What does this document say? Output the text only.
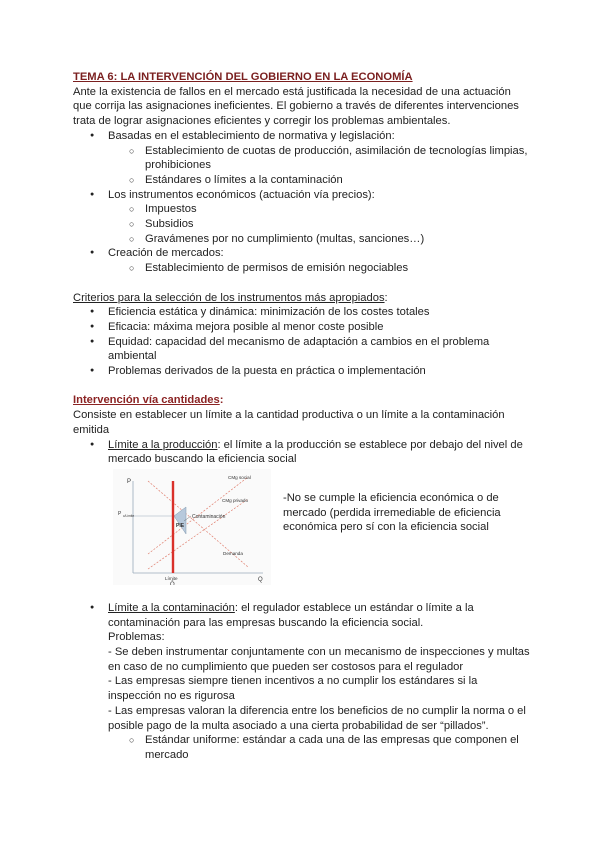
TEMA 6: LA INTERVENCIÓN DEL GOBIERNO EN LA ECONOMÍA
Ante la existencia de fallos en el mercado está justificada la necesidad de una actuación
que corrija las asignaciones ineficientes. El gobierno a través de diferentes intervenciones
trata de lograr asignaciones eficientes y corregir los problemas ambientales.
● Basadas en el establecimiento de normativa y legislación:
○ Establecimiento de cuotas de producción, asimilación de tecnologías limpias,
prohibiciones
○ Estándares o límites a la contaminación
● Los instrumentos económicos (actuación vía precios):
○ Impuestos
○ Subsidios
○ Gravámenes por no cumplimiento (multas, sanciones…)
● Creación de mercados:
○ Establecimiento de permisos de emisión negociables
Criterios para la selección de los instrumentos más apropiados:
● Eficiencia estática y dinámica: minimización de los costes totales
● Eficacia: máxima mejora posible al menor coste posible
● Equidad: capacidad del mecanismo de adaptación a cambios en el problema
ambiental
● Problemas derivados de la puesta en práctica o implementación
Intervención vía cantidades:
Consiste en establecer un límite a la cantidad productiva o un límite a la contaminación
emitida
● Límite a la producción: el límite a la producción se establece por debajo del nivel de
mercado buscando la eficiencia social
P
Q
CMg social
CMg privado
P c/Límite	Contaminación
PIE
Demanda
Límite
Q̄
-No se cumple la eficiencia económica o de
mercado (perdida irremediable de eficiencia
económica pero sí con la eficiencia social
● Límite a la contaminación: el regulador establece un estándar o límite a la
contaminación para las empresas buscando la eficiencia social.
Problemas:
- Se deben instrumentar conjuntamente con un mecanismo de inspecciones y multas
en caso de no cumplimiento que pueden ser costosos para el regulador
- Las empresas siempre tienen incentivos a no cumplir los estándares si la
inspección no es rigurosa
- Las empresas valoran la diferencia entre los beneficios de no cumplir la norma o el
posible pago de la multa asociado a una cierta probabilidad de ser “pillados”.
○ Estándar uniforme: estándar a cada una de las empresas que componen el
mercado
